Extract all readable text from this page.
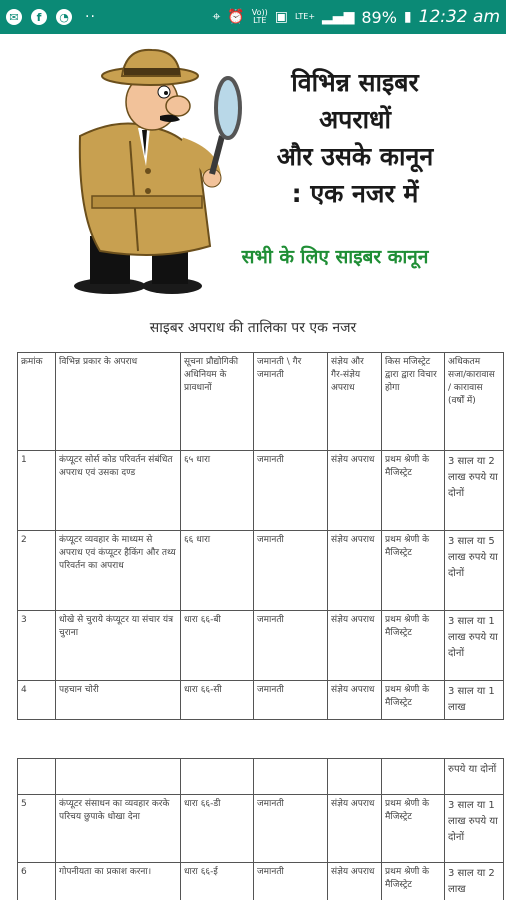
✉	f	◔ ··	⌖ ⏰ Vo))
LTE ▣ LTE+ ▂▄▆ 89% ▮ 12:32 am
विभिन्न साइबर
अपराधों
और उसके कानून
: एक नजर में
सभी के लिए साइबर कानून
साइबर अपराध की तालिका पर एक नजर
क्रमांक	विभिन्न प्रकार के अपराध	सूचना प्रौद्योगिकी अधिनियम के प्रावधानों	जमानती \ गैर जमानती	संज्ञेय और गैर-संज्ञेय अपराध	किस मजिस्ट्रेट द्वारा द्वारा विचार होगा	अधिकतम सजा/कारावास / कारावास (वर्षों में)
1	कंप्यूटर सोर्स कोड परिवर्तन संबंधित अपराध एवं उसका दण्ड	६५ धारा	जमानती	संज्ञेय अपराध	प्रथम श्रेणी के मैजिस्ट्रेट	3 साल या 2 लाख रुपये या दोनों
2	कंप्यूटर व्यवहार के माध्यम से अपराध एवं कंप्यूटर हैकिंग और तथ्य परिवर्तन का अपराध	६६ धारा	जमानती	संज्ञेय अपराध	प्रथम श्रेणी के मैजिस्ट्रेट	3 साल या 5 लाख रुपये या दोनों
3	धोखे से चुराये कंप्यूटर या संचार यंत्र चुराना	धारा ६६-बी	जमानती	संज्ञेय अपराध	प्रथम श्रेणी के मैजिस्ट्रेट	3 साल या 1 लाख रुपये या दोनों
4	पहचान चोरी	धारा ६६-सी	जमानती	संज्ञेय अपराध	प्रथम श्रेणी के मैजिस्ट्रेट	3 साल या 1 लाख
						रुपये या दोनों
5	कंप्यूटर संसाधन का व्यवहार करके परिचय छुपाके धोखा देना	धारा ६६-डी	जमानती	संज्ञेय अपराध	प्रथम श्रेणी के मैजिस्ट्रेट	3 साल या 1 लाख रुपये या दोनों
6	गोपनीयता का प्रकाश करना।	धारा ६६-ई	जमानती	संज्ञेय अपराध	प्रथम श्रेणी के मैजिस्ट्रेट	3 साल या 2 लाख
